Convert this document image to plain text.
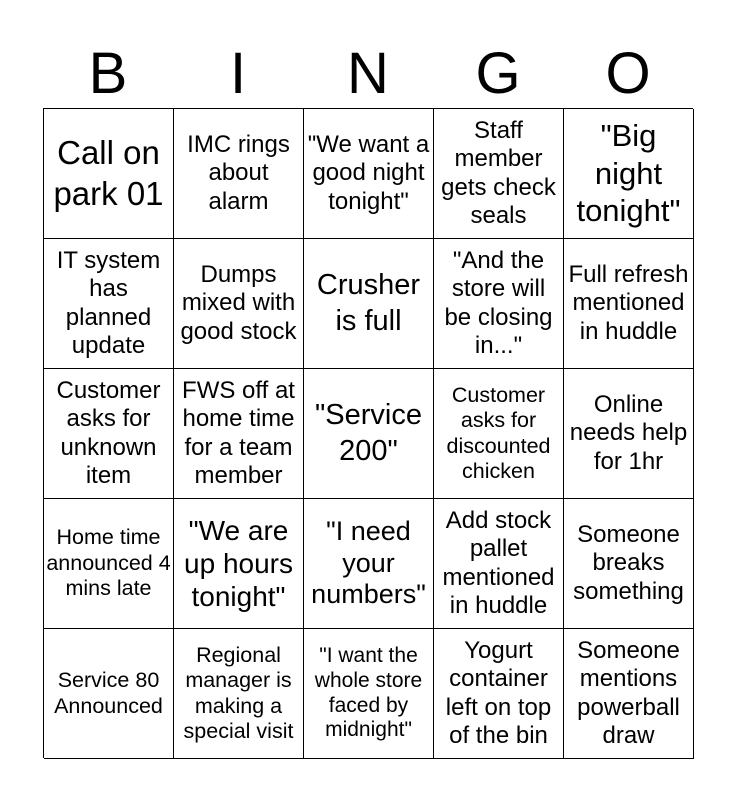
B	I	N	G	O
Call on park 01
IMC rings about alarm
"We want a good night tonight"
Staff member gets check seals
"Big night tonight"
IT system has planned update
Dumps mixed with good stock
Crusher is full
"And the store will be closing in..."
Full refresh mentioned in huddle
Customer asks for unknown item
FWS off at home time for a team member
"Service 200"
Customer asks for discounted chicken
Online needs help for 1hr
Home time announced 4 mins late
"We are up hours tonight"
"I need your numbers"
Add stock pallet mentioned in huddle
Someone breaks something
Service 80 Announced
Regional manager is making a special visit
"I want the whole store faced by midnight"
Yogurt container left on top of the bin
Someone mentions powerball draw
